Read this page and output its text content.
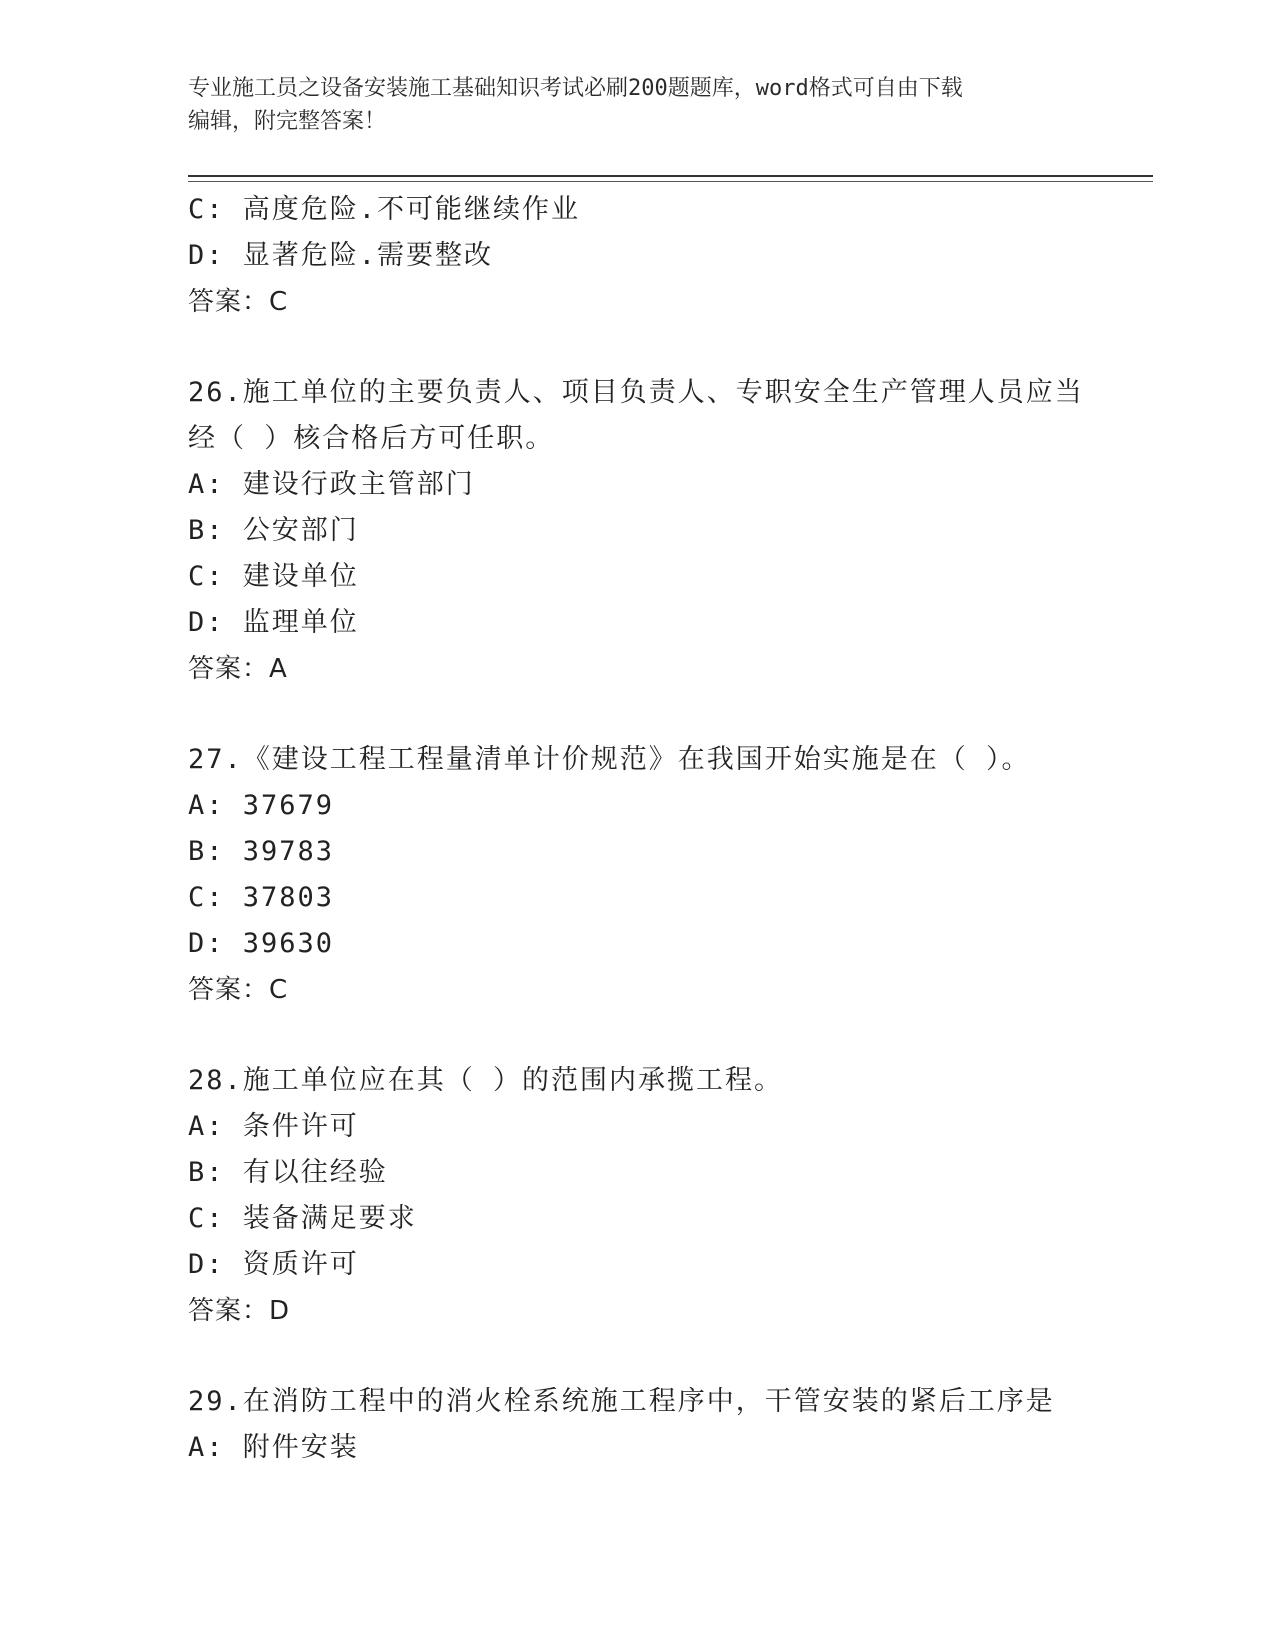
专业施工员之设备安装施工基础知识考试必刷200题题库，word格式可自由下载
编辑，附完整答案！
C: 高度危险.不可能继续作业
D: 显著危险.需要整改
答案：C
26.施工单位的主要负责人、项目负责人、专职安全生产管理人员应当
经（ ）核合格后方可任职。
A: 建设行政主管部门
B: 公安部门
C: 建设单位
D: 监理单位
答案：A
27.《建设工程工程量清单计价规范》在我国开始实施是在（ ）。
A: 37679
B: 39783
C: 37803
D: 39630
答案：C
28.施工单位应在其（ ）的范围内承揽工程。
A: 条件许可
B: 有以往经验
C: 装备满足要求
D: 资质许可
答案：D
29.在消防工程中的消火栓系统施工程序中，干管安装的紧后工序是
A: 附件安装
